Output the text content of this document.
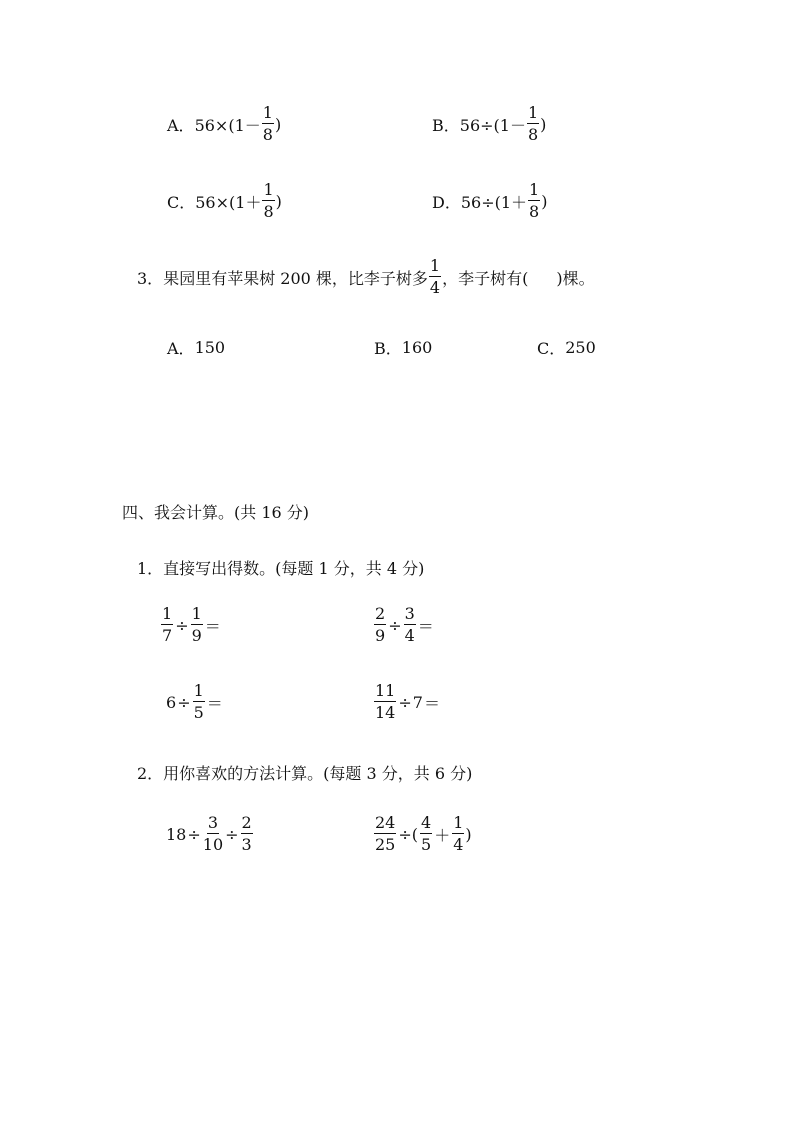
A． $56\times(1- \frac{1}{8}$ )	B． $56\div(1- \frac{1}{8}$ )
C． $56\times(1+ \frac{1}{8}$ )	D． $56\div(1+ \frac{1}{8}$ )
3． 果园里有苹果树 200 棵，比李子树多 $\frac{1}{4}$ ，李子树有( )棵。
A． 150	B． 160	C． 250
四、我会计算。(共 16 分)
1．直接写出得数。(每题 1 分，共 4 分)
$\frac{1}{7} \div \frac{1}{9}$ ＝	$\frac{2}{9} \div \frac{3}{4}$ ＝
$6 \div \frac{1}{5}$ ＝	$\frac{11}{14} \div 7$ ＝
2．用你喜欢的方法计算。(每题 3 分，共 6 分)
$18 \div \frac{3}{10} \div \frac{2}{3}$	$\frac{24}{25}$ ÷( $\frac{4}{5} + \frac{1}{4}$ )
